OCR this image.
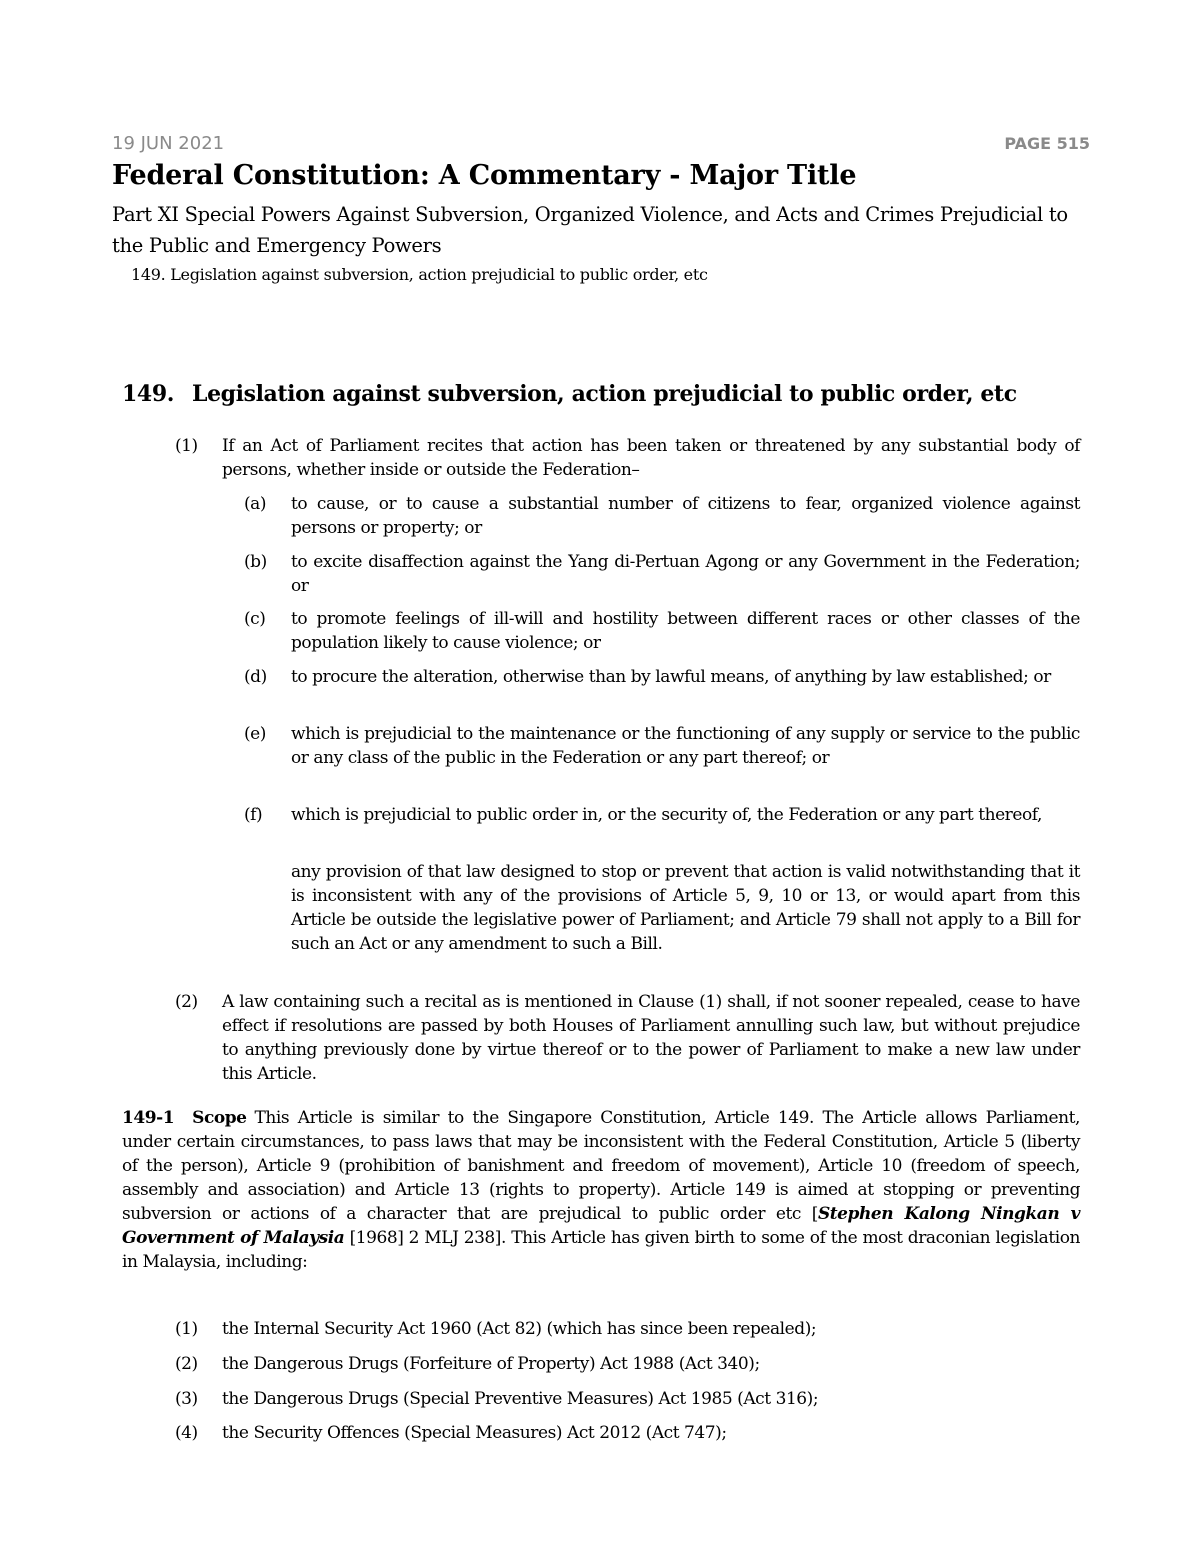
19 JUN 2021	PAGE 515
Federal Constitution: A Commentary - Major Title
Part XI Special Powers Against Subversion, Organized Violence, and Acts and Crimes Prejudicial to the Public and Emergency Powers
149. Legislation against subversion, action prejudicial to public order, etc
149. Legislation against subversion, action prejudicial to public order, etc
(1) If an Act of Parliament recites that action has been taken or threatened by any substantial body of persons, whether inside or outside the Federation–
(a) to cause, or to cause a substantial number of citizens to fear, organized violence against persons or property; or
(b) to excite disaffection against the Yang di-Pertuan Agong or any Government in the Federation; or
(c) to promote feelings of ill-will and hostility between different races or other classes of the population likely to cause violence; or
(d) to procure the alteration, otherwise than by lawful means, of anything by law established; or
(e) which is prejudicial to the maintenance or the functioning of any supply or service to the public or any class of the public in the Federation or any part thereof; or
(f) which is prejudicial to public order in, or the security of, the Federation or any part thereof,
any provision of that law designed to stop or prevent that action is valid notwithstanding that it is inconsistent with any of the provisions of Article 5, 9, 10 or 13, or would apart from this Article be outside the legislative power of Parliament; and Article 79 shall not apply to a Bill for such an Act or any amendment to such a Bill.
(2) A law containing such a recital as is mentioned in Clause (1) shall, if not sooner repealed, cease to have effect if resolutions are passed by both Houses of Parliament annulling such law, but without prejudice to anything previously done by virtue thereof or to the power of Parliament to make a new law under this Article.
149-1 Scope This Article is similar to the Singapore Constitution, Article 149. The Article allows Parliament, under certain circumstances, to pass laws that may be inconsistent with the Federal Constitution, Article 5 (liberty of the person), Article 9 (prohibition of banishment and freedom of movement), Article 10 (freedom of speech, assembly and association) and Article 13 (rights to property). Article 149 is aimed at stopping or preventing subversion or actions of a character that are prejudical to public order etc [Stephen Kalong Ningkan v Government of Malaysia [1968] 2 MLJ 238]. This Article has given birth to some of the most draconian legislation in Malaysia, including:
(1) the Internal Security Act 1960 (Act 82) (which has since been repealed);
(2) the Dangerous Drugs (Forfeiture of Property) Act 1988 (Act 340);
(3) the Dangerous Drugs (Special Preventive Measures) Act 1985 (Act 316);
(4) the Security Offences (Special Measures) Act 2012 (Act 747);
